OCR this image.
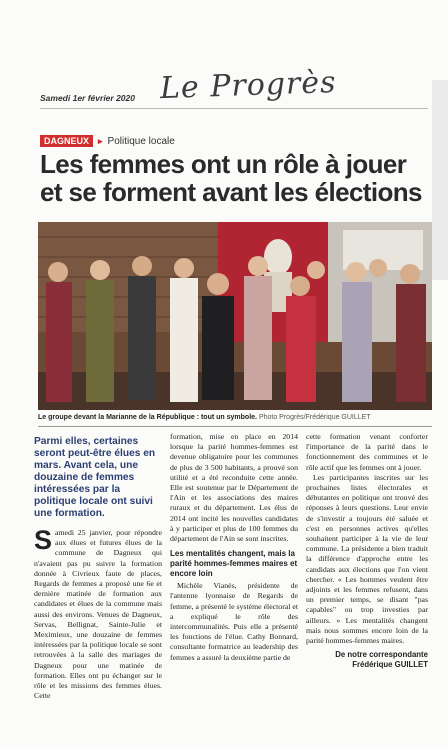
Samedi 1er février 2020 Le Progrès
DAGNEUX	▸ Politique locale
Les femmes ont un rôle à jouer
et se forment avant les élections
Le groupe devant la Marianne de la République : tout un symbole. Photo Progrès/Frédérique GUILLET
Parmi elles, certaines seront peut-être élues en mars. Avant cela, une douzaine de femmes intéressées par la politique locale ont suivi une formation.

Samedi 25 janvier, pour répondre aux élues et futures élues de la commune de Dagneux qui n'avaient pas pu suivre la formation donnée à Civrieux faute de places, Regards de femmes a proposé une 6e et dernière matinée de formation aux candidates et élues de la commune mais aussi des environs. Venues de Dagneux, Servas, Bellignat, Sainte-Julie et Meximieux, une douzaine de femmes intéressées par la politique locale se sont retrouvées à la salle des mariages de Dagneux pour une matinée de formation. Elles ont pu échanger sur le rôle et les missions des femmes élues. Cette

formation, mise en place en 2014 lorsque la parité hommes-femmes est devenue obligatoire pour les communes de plus de 3 500 habitants, a prouvé son utilité et a été reconduite cette année. Elle est soutenue par le Département de l'Ain et les associations des maires ruraux et du département. Les élus de 2014 ont incité les nouvelles candidates à y participer et plus de 100 femmes du département de l'Ain se sont inscrites.

Les mentalités changent, mais la parité hommes-femmes maires et encore loin

Michèle Vianès, présidente de l'antenne lyonnaise de Regards de femme, a présenté le système électoral et a expliqué le rôle des intercommunalités. Puis elle a présenté les fonctions de l'élue. Cathy Bonnard, consultante formatrice au leadership des femmes a assuré la deuxième partie de

cette formation venant conforter l'importance de la parité dans le fonctionnement des communes et le rôle actif que les femmes ont à jouer.

Les participantes inscrites sur les prochaines listes électorales et débutantes en politique ont trouvé des réponses à leurs questions. Leur envie de s'investir a toujours été saluée et c'est en personnes actives qu'elles souhaitent participer à la vie de leur commune. La présidente a bien traduit la différence d'approche entre les candidats aux élections que l'on vient chercher. « Les hommes veulent être adjoints et les femmes refusent, dans un premier temps, se disant "pas capables" ou trop investies par ailleurs. » Les mentalités changent mais nous sommes encore loin de la parité hommes-femmes maires.

De notre correspondante
Frédérique GUILLET
